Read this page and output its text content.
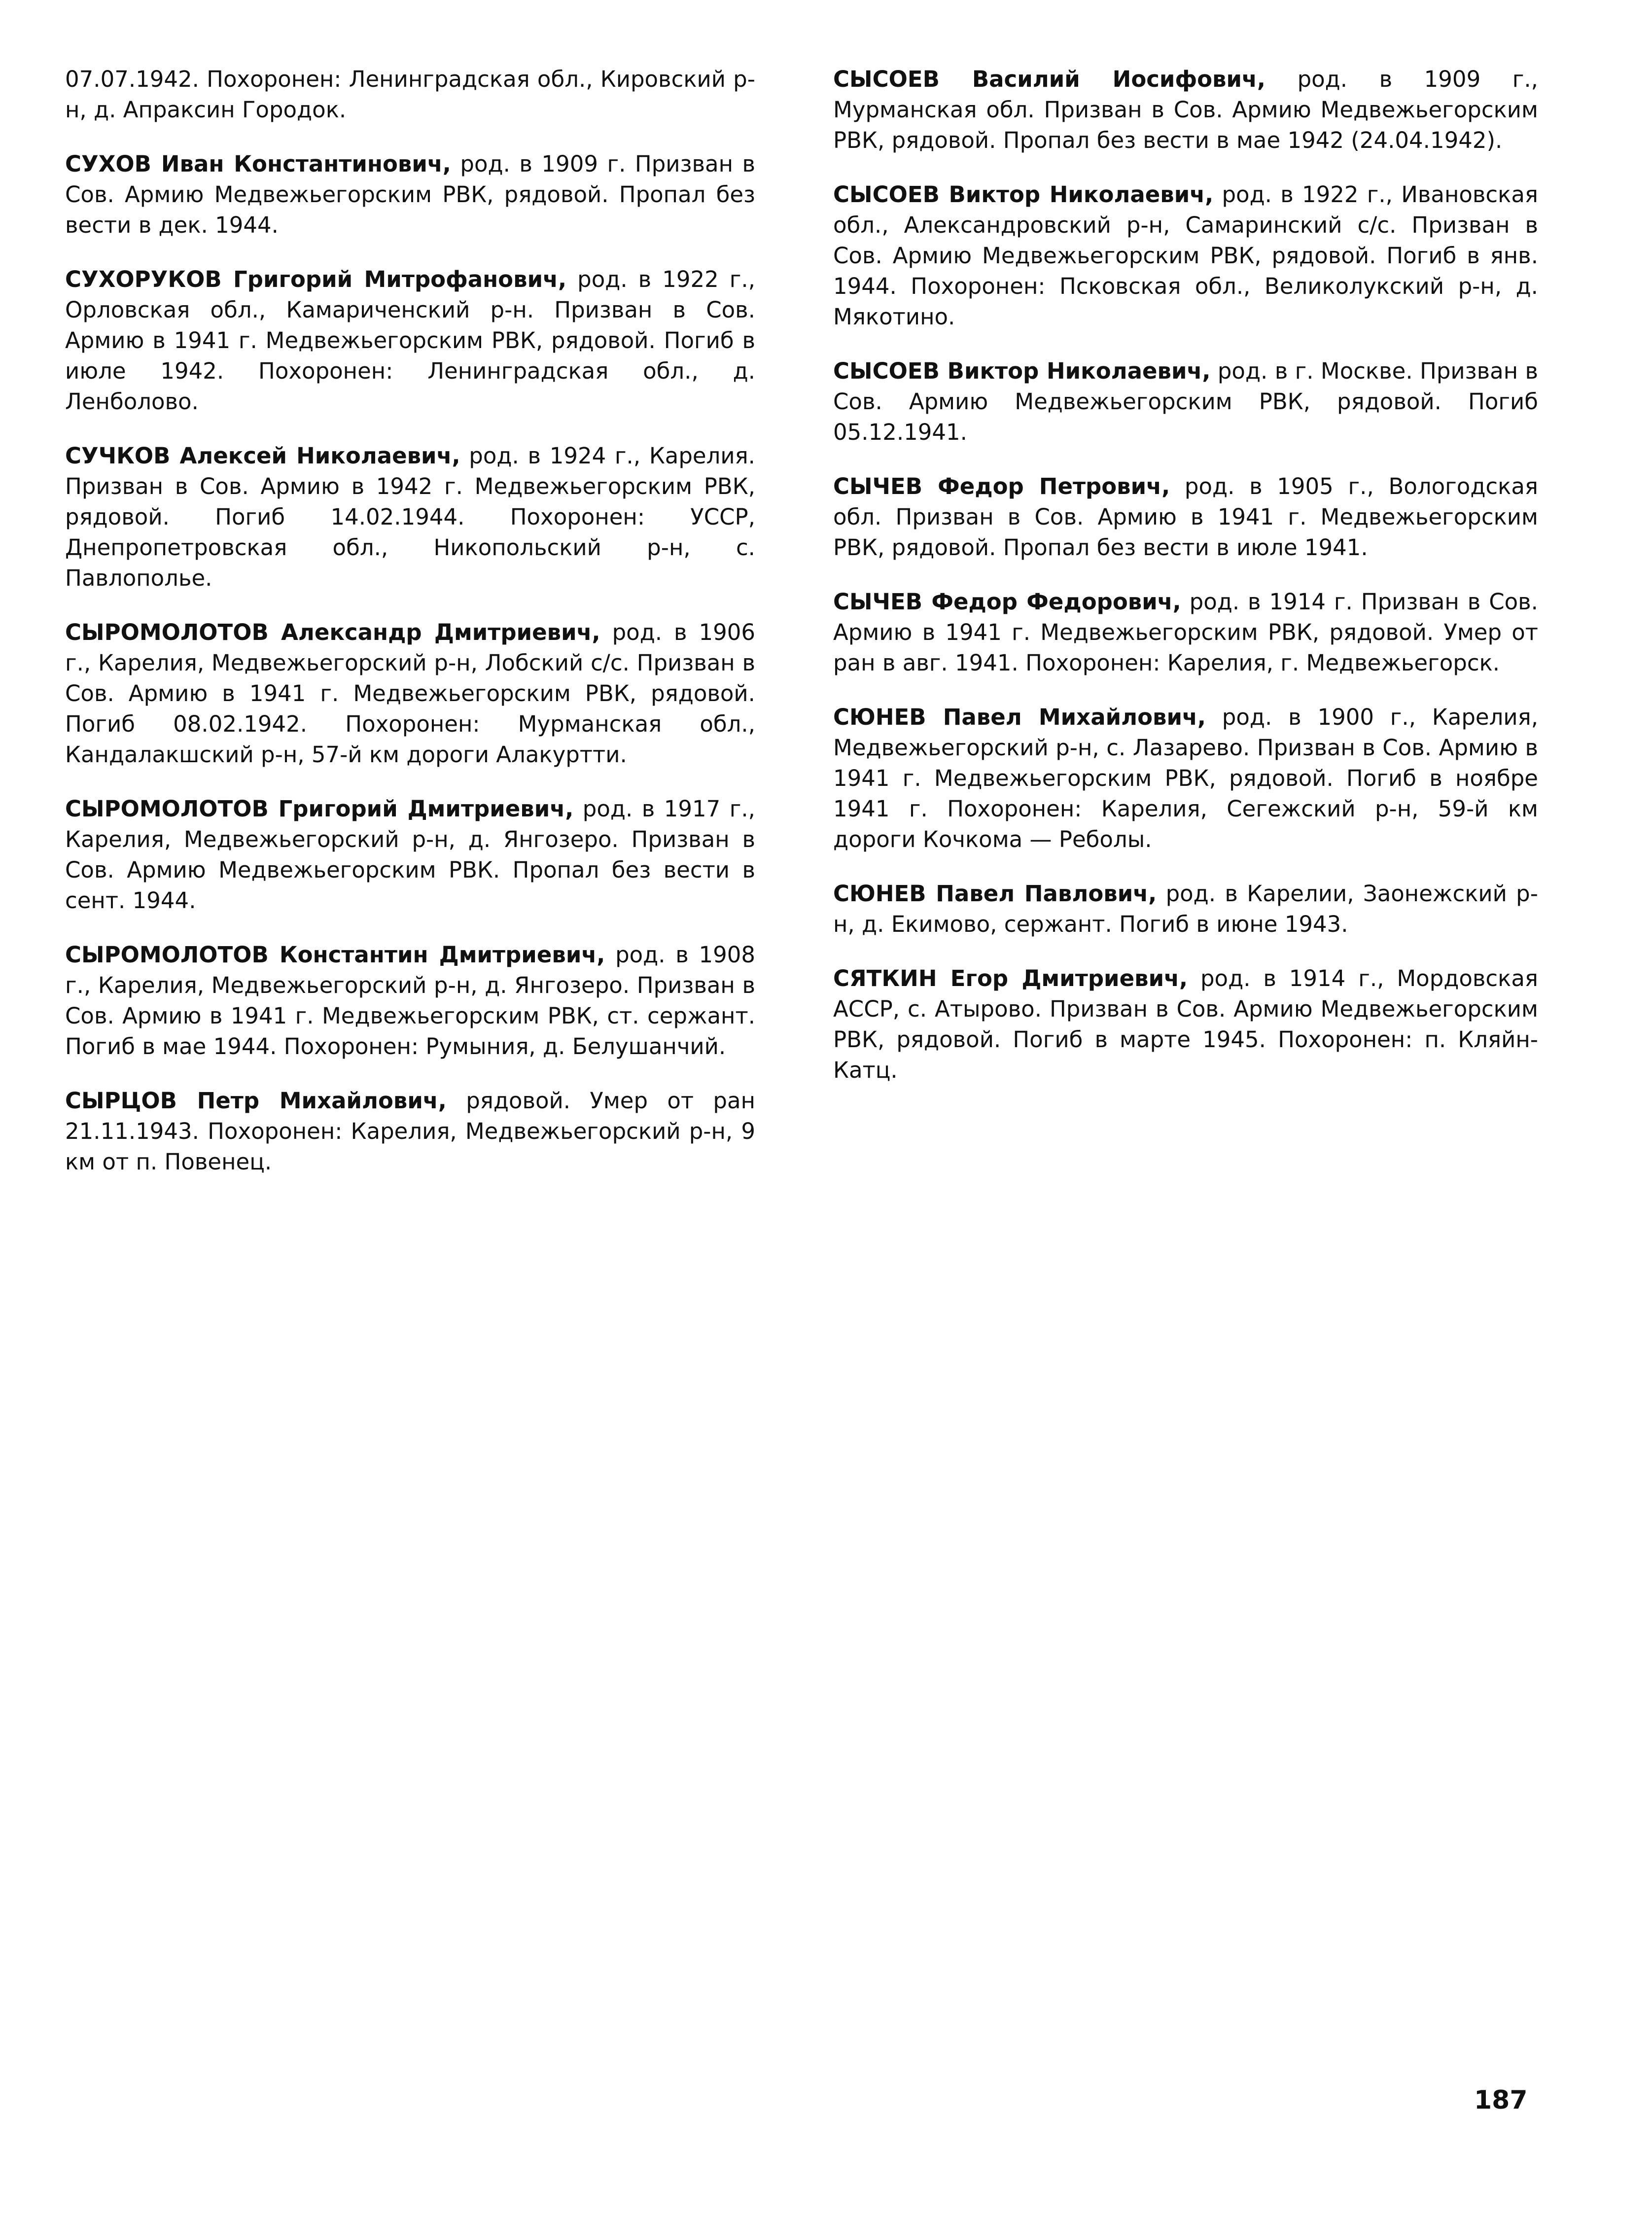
07.07.1942. Похоронен: Ленинградская обл., Кировский р-н, д. Апраксин Городок.

СУХОВ Иван Константинович, род. в 1909 г. Призван в Сов. Армию Медвежьегорским РВК, рядовой. Пропал без вести в дек. 1944.

СУХОРУКОВ Григорий Митрофанович, род. в 1922 г., Орловская обл., Камариченский р-н. Призван в Сов. Армию в 1941 г. Медвежьегорским РВК, рядовой. Погиб в июле 1942. Похоронен: Ленинградская обл., д. Ленболово.

СУЧКОВ Алексей Николаевич, род. в 1924 г., Карелия. Призван в Сов. Армию в 1942 г. Медвежьегорским РВК, рядовой. Погиб 14.02.1944. Похоронен: УССР, Днепропетровская обл., Никопольский р-н, с. Павлополье.

СЫРОМОЛОТОВ Александр Дмитриевич, род. в 1906 г., Карелия, Медвежьегорский р-н, Лобский с/с. Призван в Сов. Армию в 1941 г. Медвежьегорским РВК, рядовой. Погиб 08.02.1942. Похоронен: Мурманская обл., Кандалакшский р-н, 57-й км дороги Алакуртти.

СЫРОМОЛОТОВ Григорий Дмитриевич, род. в 1917 г., Карелия, Медвежьегорский р-н, д. Янгозеро. Призван в Сов. Армию Медвежьегорским РВК. Пропал без вести в сент. 1944.

СЫРОМОЛОТОВ Константин Дмитриевич, род. в 1908 г., Карелия, Медвежьегорский р-н, д. Янгозеро. Призван в Сов. Армию в 1941 г. Медвежьегорским РВК, ст. сержант. Погиб в мае 1944. Похоронен: Румыния, д. Белушанчий.

СЫРЦОВ Петр Михайлович, рядовой. Умер от ран 21.11.1943. Похоронен: Карелия, Медвежьегорский р-н, 9 км от п. Повенец.

СЫСОЕВ Василий Иосифович, род. в 1909 г., Мурманская обл. Призван в Сов. Армию Медвежьегорским РВК, рядовой. Пропал без вести в мае 1942 (24.04.1942).

СЫСОЕВ Виктор Николаевич, род. в 1922 г., Ивановская обл., Александровский р-н, Самаринский с/с. Призван в Сов. Армию Медвежьегорским РВК, рядовой. Погиб в янв. 1944. Похоронен: Псковская обл., Великолукский р-н, д. Мякотино.

СЫСОЕВ Виктор Николаевич, род. в г. Москве. Призван в Сов. Армию Медвежьегорским РВК, рядовой. Погиб 05.12.1941.

СЫЧЕВ Федор Петрович, род. в 1905 г., Вологодская обл. Призван в Сов. Армию в 1941 г. Медвежьегорским РВК, рядовой. Пропал без вести в июле 1941.

СЫЧЕВ Федор Федорович, род. в 1914 г. Призван в Сов. Армию в 1941 г. Медвежьегорским РВК, рядовой. Умер от ран в авг. 1941. Похоронен: Карелия, г. Медвежьегорск.

СЮНЕВ Павел Михайлович, род. в 1900 г., Карелия, Медвежьегорский р-н, с. Лазарево. Призван в Сов. Армию в 1941 г. Медвежьегорским РВК, рядовой. Погиб в ноябре 1941 г. Похоронен: Карелия, Сегежский р-н, 59-й км дороги Кочкома — Реболы.

СЮНЕВ Павел Павлович, род. в Карелии, Заонежский р-н, д. Екимово, сержант. Погиб в июне 1943.

СЯТКИН Егор Дмитриевич, род. в 1914 г., Мордовская АССР, с. Атырово. Призван в Сов. Армию Медвежьегорским РВК, рядовой. Погиб в марте 1945. Похоронен: п. Кляйн-Катц.

187
